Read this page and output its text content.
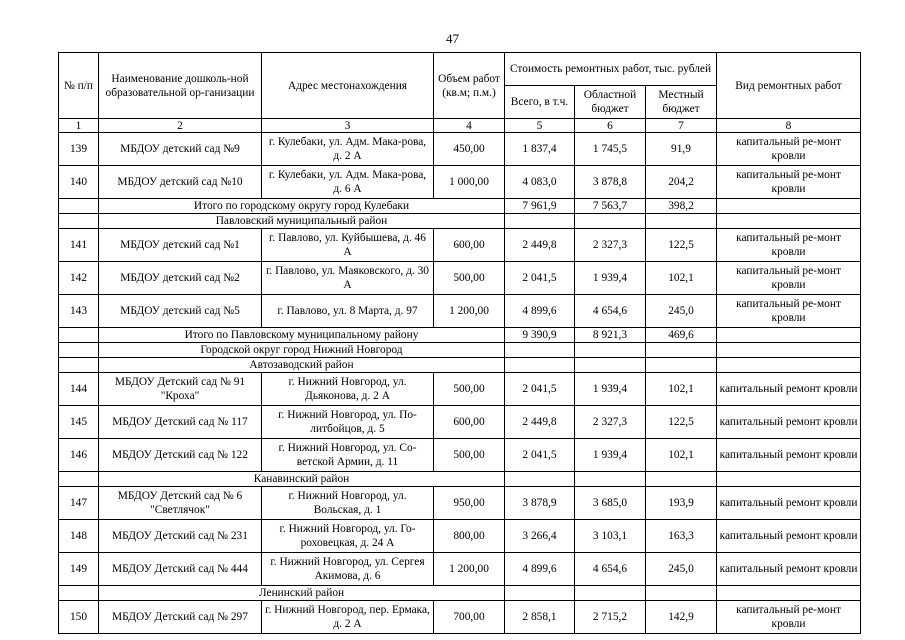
47
№ п/п	Наименование дошколь-ной образовательной ор-ганизации	Адрес местонахождения	Объем работ (кв.м; п.м.)	Стоимость ремонтных работ, тыс. рублей			Вид ремонтных работ
				Всего, в т.ч.	Областной бюджет	Местный бюджет	
1	2	3	4	5	6	7	8
139	МБДОУ детский сад №9	г. Кулебаки, ул. Адм. Мака-рова, д. 2 А	450,00	1 837,4	1 745,5	91,9	капитальный ре-монт кровли
140	МБДОУ детский сад №10	г. Кулебаки, ул. Адм. Мака-рова, д. 6 А	1 000,00	4 083,0	3 878,8	204,2	капитальный ре-монт кровли
	Итого по городскому округу город Кулебаки			7 961,9	7 563,7	398,2	
	Павловский муниципальный район						
141	МБДОУ детский сад №1	г. Павлово, ул. Куйбышева, д. 46 А	600,00	2 449,8	2 327,3	122,5	капитальный ре-монт кровли
142	МБДОУ детский сад №2	г. Павлово, ул. Маяковского, д. 30 А	500,00	2 041,5	1 939,4	102,1	капитальный ре-монт кровли
143	МБДОУ детский сад №5	г. Павлово, ул. 8 Марта, д. 97	1 200,00	4 899,6	4 654,6	245,0	капитальный ре-монт кровли
	Итого по Павловскому муниципальному району			9 390,9	8 921,3	469,6	
	Городской округ город Нижний Новгород						
	Автозаводский район						
144	МБДОУ Детский сад № 91 "Кроха"	г. Нижний Новгород, ул. Дьяконова, д. 2 А	500,00	2 041,5	1 939,4	102,1	капитальный ремонт кровли
145	МБДОУ Детский сад № 117	г. Нижний Новгород, ул. По-литбойцов, д. 5	600,00	2 449,8	2 327,3	122,5	капитальный ремонт кровли
146	МБДОУ Детский сад № 122	г. Нижний Новгород, ул. Со-ветской Армии, д. 11	500,00	2 041,5	1 939,4	102,1	капитальный ремонт кровли
	Канавинский район						
147	МБДОУ Детский сад № 6 "Светлячок"	г. Нижний Новгород, ул. Вольская, д. 1	950,00	3 878,9	3 685,0	193,9	капитальный ремонт кровли
148	МБДОУ Детский сад № 231	г. Нижний Новгород, ул. Го-роховецкая, д. 24 А	800,00	3 266,4	3 103,1	163,3	капитальный ремонт кровли
149	МБДОУ Детский сад № 444	г. Нижний Новгород, ул. Сергея Акимова, д. 6	1 200,00	4 899,6	4 654,6	245,0	капитальный ремонт кровли
	Ленинский район						
150	МБДОУ Детский сад № 297	г. Нижний Новгород, пер. Ермака, д. 2 А	700,00	2 858,1	2 715,2	142,9	капитальный ре-монт кровли
